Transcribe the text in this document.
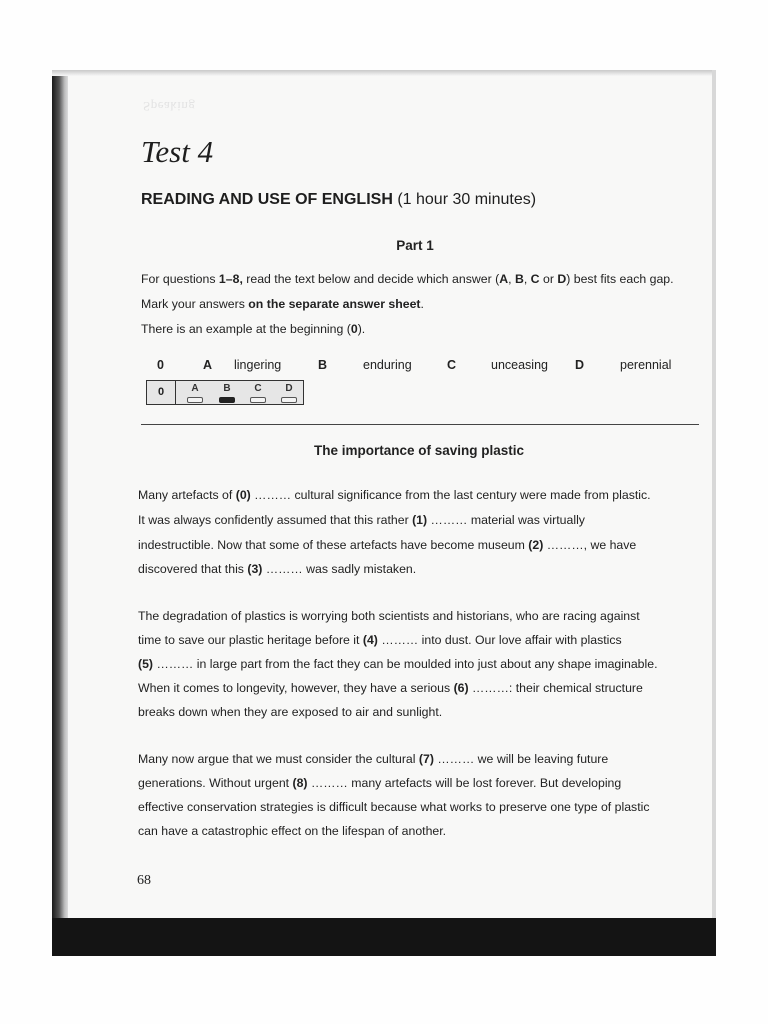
Speaking
Test 4
READING AND USE OF ENGLISH (1 hour 30 minutes)
Part 1
For questions 1–8, read the text below and decide which answer (A, B, C or D) best fits each gap.
Mark your answers on the separate answer sheet.
There is an example at the beginning (0).
0	A lingering	B	enduring	C	unceasing D	perennial
0	A	B	C	D
The importance of saving plastic
Many artefacts of (0) ……… cultural significance from the last century were made from plastic.
It was always confidently assumed that this rather (1) ……… material was virtually
indestructible. Now that some of these artefacts have become museum (2) ………, we have
discovered that this (3) ……… was sadly mistaken.
The degradation of plastics is worrying both scientists and historians, who are racing against
time to save our plastic heritage before it (4) ……… into dust. Our love affair with plastics
(5) ……… in large part from the fact they can be moulded into just about any shape imaginable.
When it comes to longevity, however, they have a serious (6) ………: their chemical structure
breaks down when they are exposed to air and sunlight.
Many now argue that we must consider the cultural (7) ……… we will be leaving future
generations. Without urgent (8) ……… many artefacts will be lost forever. But developing
effective conservation strategies is difficult because what works to preserve one type of plastic
can have a catastrophic effect on the lifespan of another.
68
